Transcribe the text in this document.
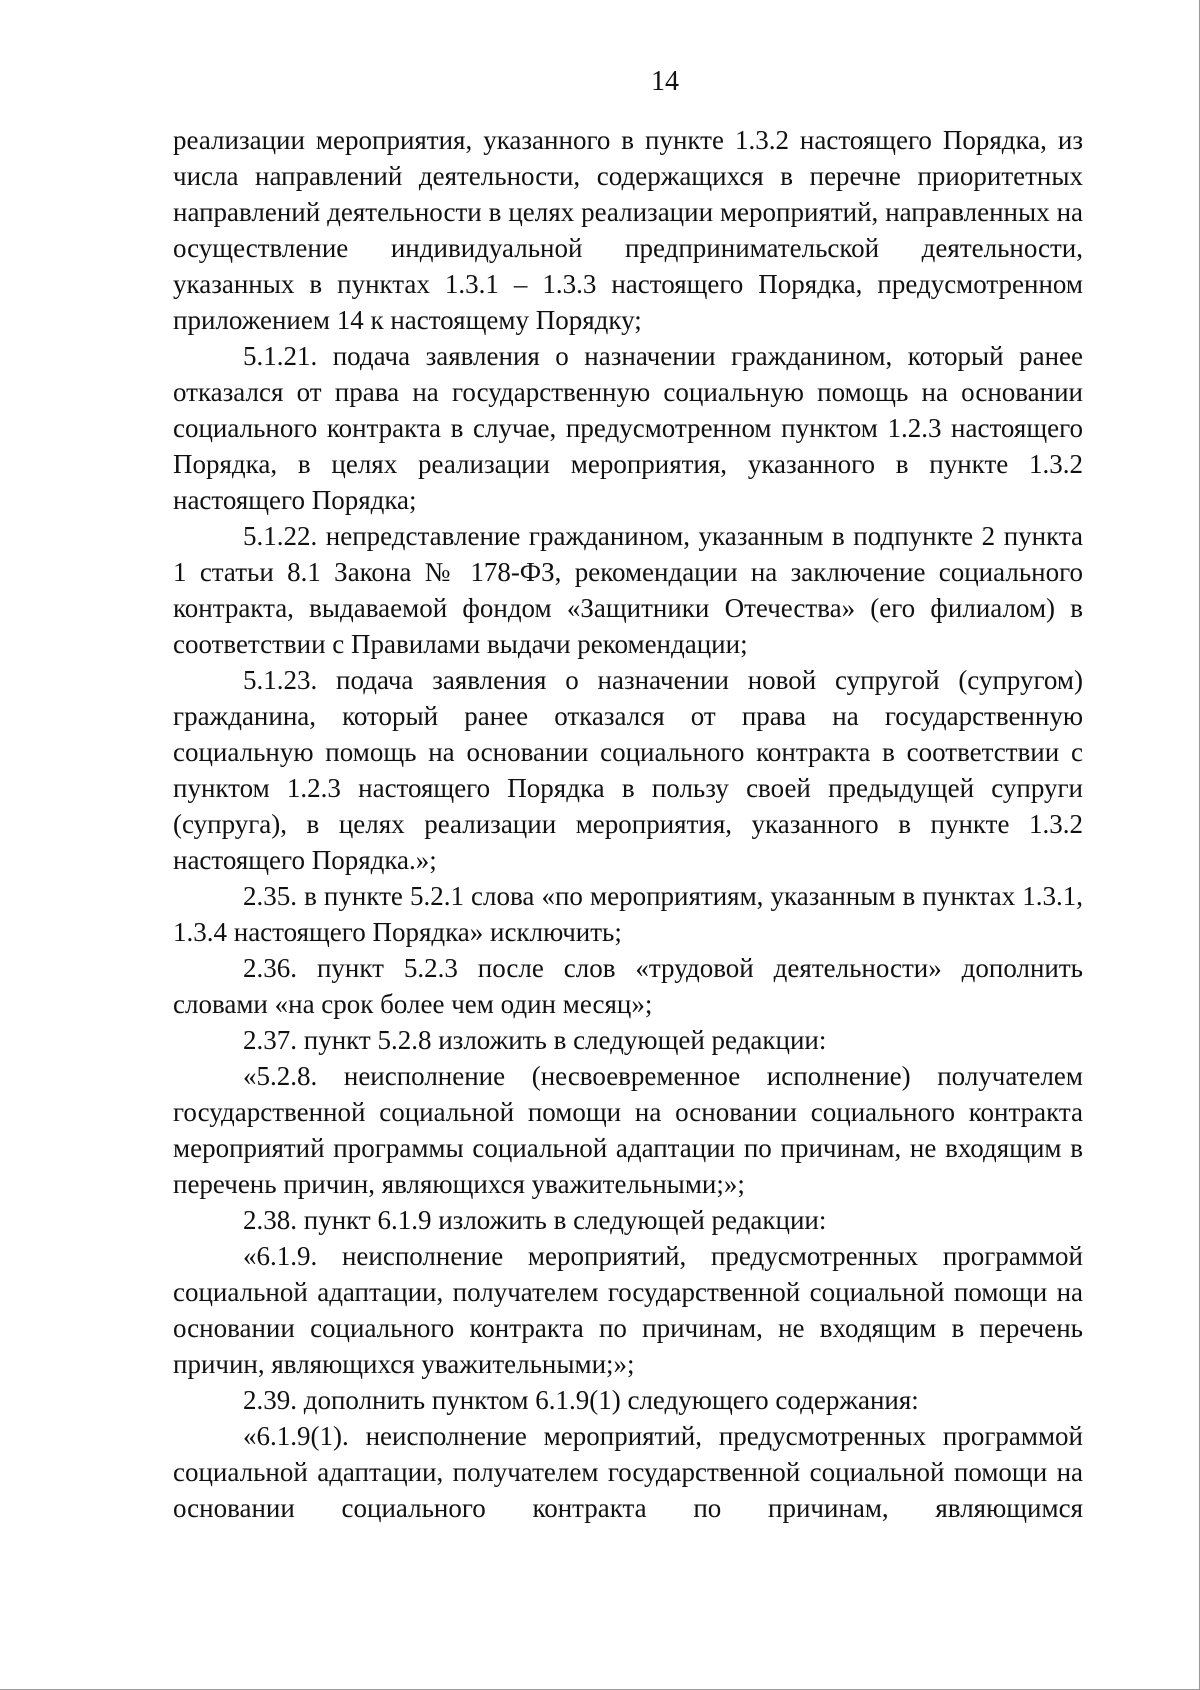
14

реализации мероприятия, указанного в пункте 1.3.2 настоящего Порядка, из числа направлений деятельности, содержащихся в перечне приоритетных направлений деятельности в целях реализации мероприятий, направленных на осуществление индивидуальной предпринимательской деятельности, указанных в пунктах 1.3.1 – 1.3.3 настоящего Порядка, предусмотренном приложением 14 к настоящему Порядку;

5.1.21. подача заявления о назначении гражданином, который ранее отказался от права на государственную социальную помощь на основании социального контракта в случае, предусмотренном пунктом 1.2.3 настоящего Порядка, в целях реализации мероприятия, указанного в пункте 1.3.2 настоящего Порядка;

5.1.22. непредставление гражданином, указанным в подпункте 2 пункта 1 статьи 8.1 Закона № 178-ФЗ, рекомендации на заключение социального контракта, выдаваемой фондом «Защитники Отечества» (его филиалом) в соответствии с Правилами выдачи рекомендации;

5.1.23. подача заявления о назначении новой супругой (супругом) гражданина, который ранее отказался от права на государственную социальную помощь на основании социального контракта в соответствии с пунктом 1.2.3 настоящего Порядка в пользу своей предыдущей супруги (супруга), в целях реализации мероприятия, указанного в пункте 1.3.2 настоящего Порядка.»;

2.35. в пункте 5.2.1 слова «по мероприятиям, указанным в пунктах 1.3.1, 1.3.4 настоящего Порядка» исключить;

2.36. пункт 5.2.3 после слов «трудовой деятельности» дополнить словами «на срок более чем один месяц»;

2.37. пункт 5.2.8 изложить в следующей редакции:

«5.2.8. неисполнение (несвоевременное исполнение) получателем государственной социальной помощи на основании социального контракта мероприятий программы социальной адаптации по причинам, не входящим в перечень причин, являющихся уважительными;»;

2.38. пункт 6.1.9 изложить в следующей редакции:

«6.1.9. неисполнение мероприятий, предусмотренных программой социальной адаптации, получателем государственной социальной помощи на основании социального контракта по причинам, не входящим в перечень причин, являющихся уважительными;»;

2.39. дополнить пунктом 6.1.9(1) следующего содержания:

«6.1.9(1). неисполнение мероприятий, предусмотренных программой социальной адаптации, получателем государственной социальной помощи на основании социального контракта по причинам, являющимся
